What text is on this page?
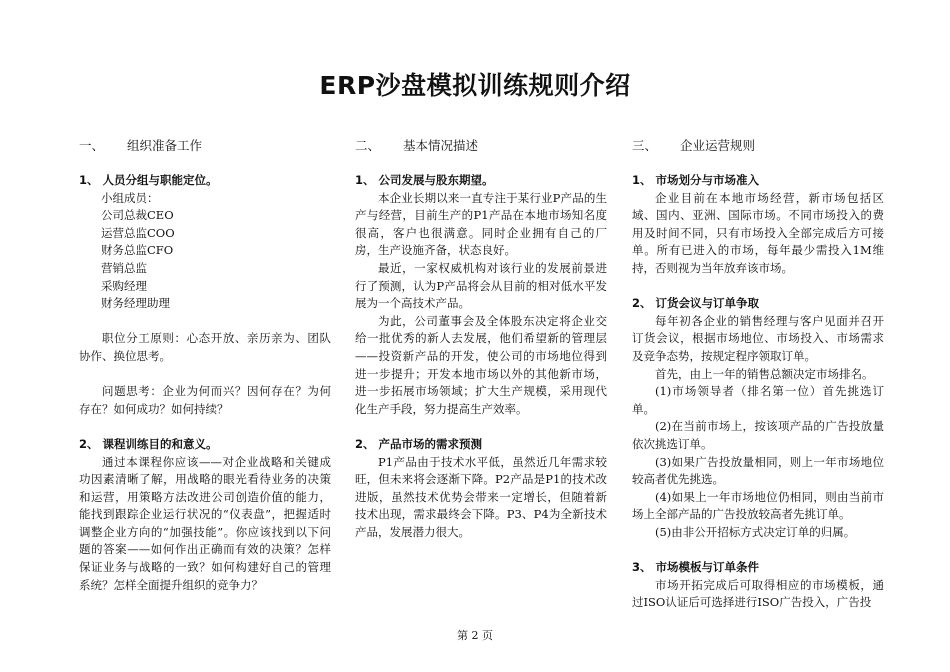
ERP沙盘模拟训练规则介绍
一、 组织准备工作
1、 人员分组与职能定位。
小组成员：
公司总裁CEO
运营总监COO
财务总监CFO
营销总监
采购经理
财务经理助理

职位分工原则：心态开放、亲历亲为、团队协作、换位思考。

问题思考：企业为何而兴？因何存在？为何存在？如何成功？如何持续？

2、 课程训练目的和意义。

通过本课程你应该——对企业战略和关键成功因素清晰了解，用战略的眼光看待业务的决策和运营，用策略方法改进公司创造价值的能力，能找到跟踪企业运行状况的“仪表盘”，把握适时调整企业方向的“加强技能”。你应该找到以下问题的答案——如何作出正确而有效的决策？怎样保证业务与战略的一致？如何构建好自己的管理系统？怎样全面提升组织的竞争力？

二、 基本情况描述
1、 公司发展与股东期望。

本企业长期以来一直专注于某行业P产品的生产与经营，目前生产的P1产品在本地市场知名度很高，客户也很满意。同时企业拥有自己的厂房，生产设施齐备，状态良好。

最近，一家权威机构对该行业的发展前景进行了预测，认为P产品将会从目前的相对低水平发展为一个高技术产品。

为此，公司董事会及全体股东决定将企业交给一批优秀的新人去发展，他们希望新的管理层——投资新产品的开发，使公司的市场地位得到进一步提升；开发本地市场以外的其他新市场，进一步拓展市场领域；扩大生产规模，采用现代化生产手段，努力提高生产效率。

2、 产品市场的需求预测

P1产品由于技术水平低，虽然近几年需求较旺，但未来将会逐渐下降。P2产品是P1的技术改进版，虽然技术优势会带来一定增长，但随着新技术出现，需求最终会下降。P3、P4为全新技术产品，发展潜力很大。

三、 企业运营规则
1、 市场划分与市场准入

企业目前在本地市场经营，新市场包括区域、国内、亚洲、国际市场。不同市场投入的费用及时间不同，只有市场投入全部完成后方可接单。所有已进入的市场，每年最少需投入1M维持，否则视为当年放弃该市场。

2、 订货会议与订单争取

每年初各企业的销售经理与客户见面并召开订货会议，根据市场地位、市场投入、市场需求及竞争态势，按规定程序领取订单。

首先，由上一年的销售总额决定市场排名。

(1)市场领导者（排名第一位）首先挑选订单。

(2)在当前市场上，按该项产品的广告投放量依次挑选订单。

(3)如果广告投放量相同，则上一年市场地位较高者优先挑选。

(4)如果上一年市场地位仍相同，则由当前市场上全部产品的广告投放较高者先挑订单。

(5)由非公开招标方式决定订单的归属。

3、 市场模板与订单条件

市场开拓完成后可取得相应的市场模板，通过ISO认证后可选择进行ISO广告投入，广告投

第 2 页
